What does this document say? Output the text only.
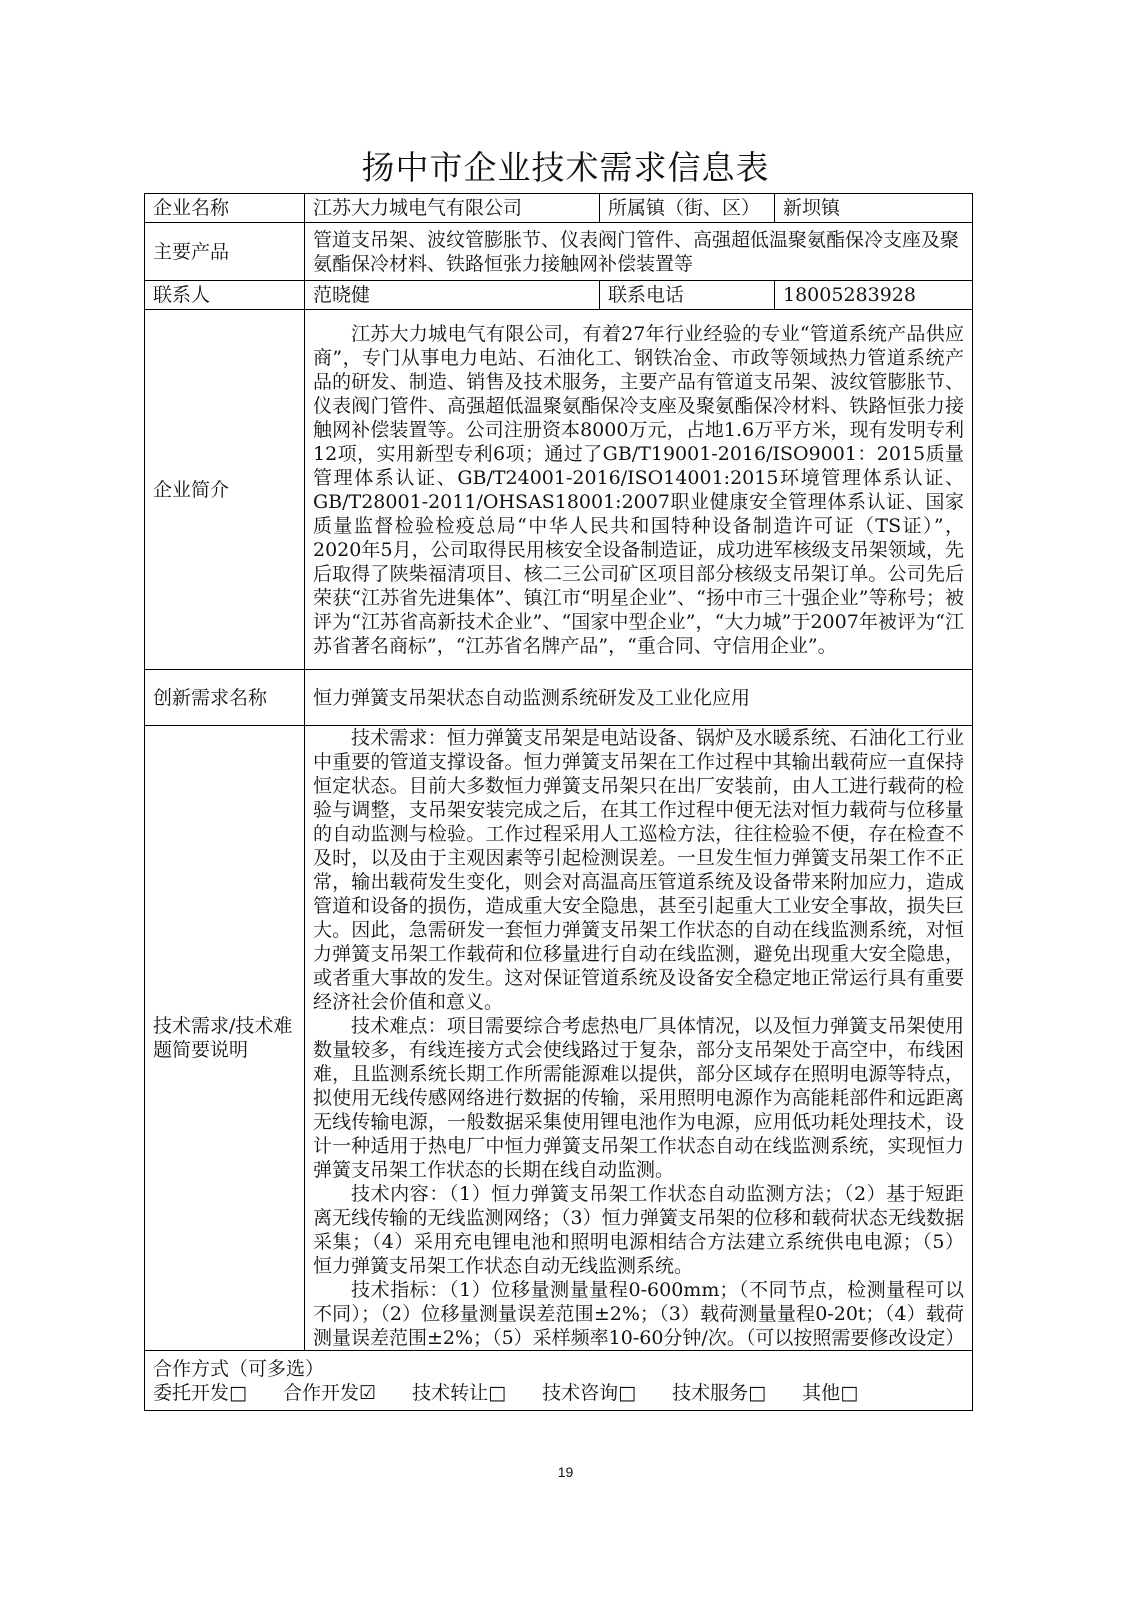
扬中市企业技术需求信息表
企业名称	江苏大力城电气有限公司	所属镇（街、区）	新坝镇
主要产品	管道支吊架、波纹管膨胀节、仪表阀门管件、高强超低温聚氨酯保冷支座及聚氨酯保冷材料、铁路恒张力接触网补偿装置等		
联系人	范晓健	联系电话	18005283928
企业简介	江苏大力城电气有限公司，有着27年行业经验的专业“管道系统产品供应商”，专门从事电力电站、石油化工、钢铁冶金、市政等领域热力管道系统产品的研发、制造、销售及技术服务，主要产品有管道支吊架、波纹管膨胀节、仪表阀门管件、高强超低温聚氨酯保冷支座及聚氨酯保冷材料、铁路恒张力接触网补偿装置等。公司注册资本8000万元，占地1.6万平方米，现有发明专利12项，实用新型专利6项；通过了GB/T19001-2016/ISO9001：2015质量管理体系认证、GB/T24001-2016/ISO14001:2015环境管理体系认证、GB/T28001-2011/OHSAS18001:2007职业健康安全管理体系认证、国家质量监督检验检疫总局“中华人民共和国特种设备制造许可证（TS证）”，2020年5月，公司取得民用核安全设备制造证，成功进军核级支吊架领域，先后取得了陕柴福清项目、核二三公司矿区项目部分核级支吊架订单。公司先后荣获“江苏省先进集体”、镇江市“明星企业”、“扬中市三十强企业”等称号；被评为“江苏省高新技术企业”、“国家中型企业”，“大力城”于2007年被评为“江苏省著名商标”，“江苏省名牌产品”，“重合同、守信用企业”。		

创新需求名称	恒力弹簧支吊架状态自动监测系统研发及工业化应用		
技术需求/技术难题简要说明	技术需求：恒力弹簧支吊架是电站设备、锅炉及水暖系统、石油化工行业中重要的管道支撑设备。恒力弹簧支吊架在工作过程中其输出载荷应一直保持恒定状态。目前大多数恒力弹簧支吊架只在出厂安装前，由人工进行载荷的检验与调整，支吊架安装完成之后，在其工作过程中便无法对恒力载荷与位移量的自动监测与检验。工作过程采用人工巡检方法，往往检验不便，存在检查不及时，以及由于主观因素等引起检测误差。一旦发生恒力弹簧支吊架工作不正常，输出载荷发生变化，则会对高温高压管道系统及设备带来附加应力，造成管道和设备的损伤，造成重大安全隐患，甚至引起重大工业安全事故，损失巨大。因此，急需研发一套恒力弹簧支吊架工作状态的自动在线监测系统，对恒力弹簧支吊架工作载荷和位移量进行自动在线监测，避免出现重大安全隐患，或者重大事故的发生。这对保证管道系统及设备安全稳定地正常运行具有重要经济社会价值和意义。

技术难点：项目需要综合考虑热电厂具体情况，以及恒力弹簧支吊架使用数量较多，有线连接方式会使线路过于复杂，部分支吊架处于高空中，布线困难，且监测系统长期工作所需能源难以提供，部分区域存在照明电源等特点，拟使用无线传感网络进行数据的传输，采用照明电源作为高能耗部件和远距离无线传输电源，一般数据采集使用锂电池作为电源，应用低功耗处理技术，设计一种适用于热电厂中恒力弹簧支吊架工作状态自动在线监测系统，实现恒力弹簧支吊架工作状态的长期在线自动监测。

技术内容：（1）恒力弹簧支吊架工作状态自动监测方法；（2）基于短距离无线传输的无线监测网络；（3）恒力弹簧支吊架的位移和载荷状态无线数据采集；（4）采用充电锂电池和照明电源相结合方法建立系统供电电源；（5）恒力弹簧支吊架工作状态自动无线监测系统。

技术指标：（1）位移量测量量程0-600mm；（不同节点，检测量程可以不同）；（2）位移量测量误差范围±2%；（3）载荷测量量程0-20t；（4）载荷测量误差范围±2%；（5）采样频率10-60分钟/次。（可以按照需要修改设定）		

合作方式（可多选）
委托开发□ 合作开发☑ 技术转让□ 技术咨询□ 技术服务□ 其他□			
19
